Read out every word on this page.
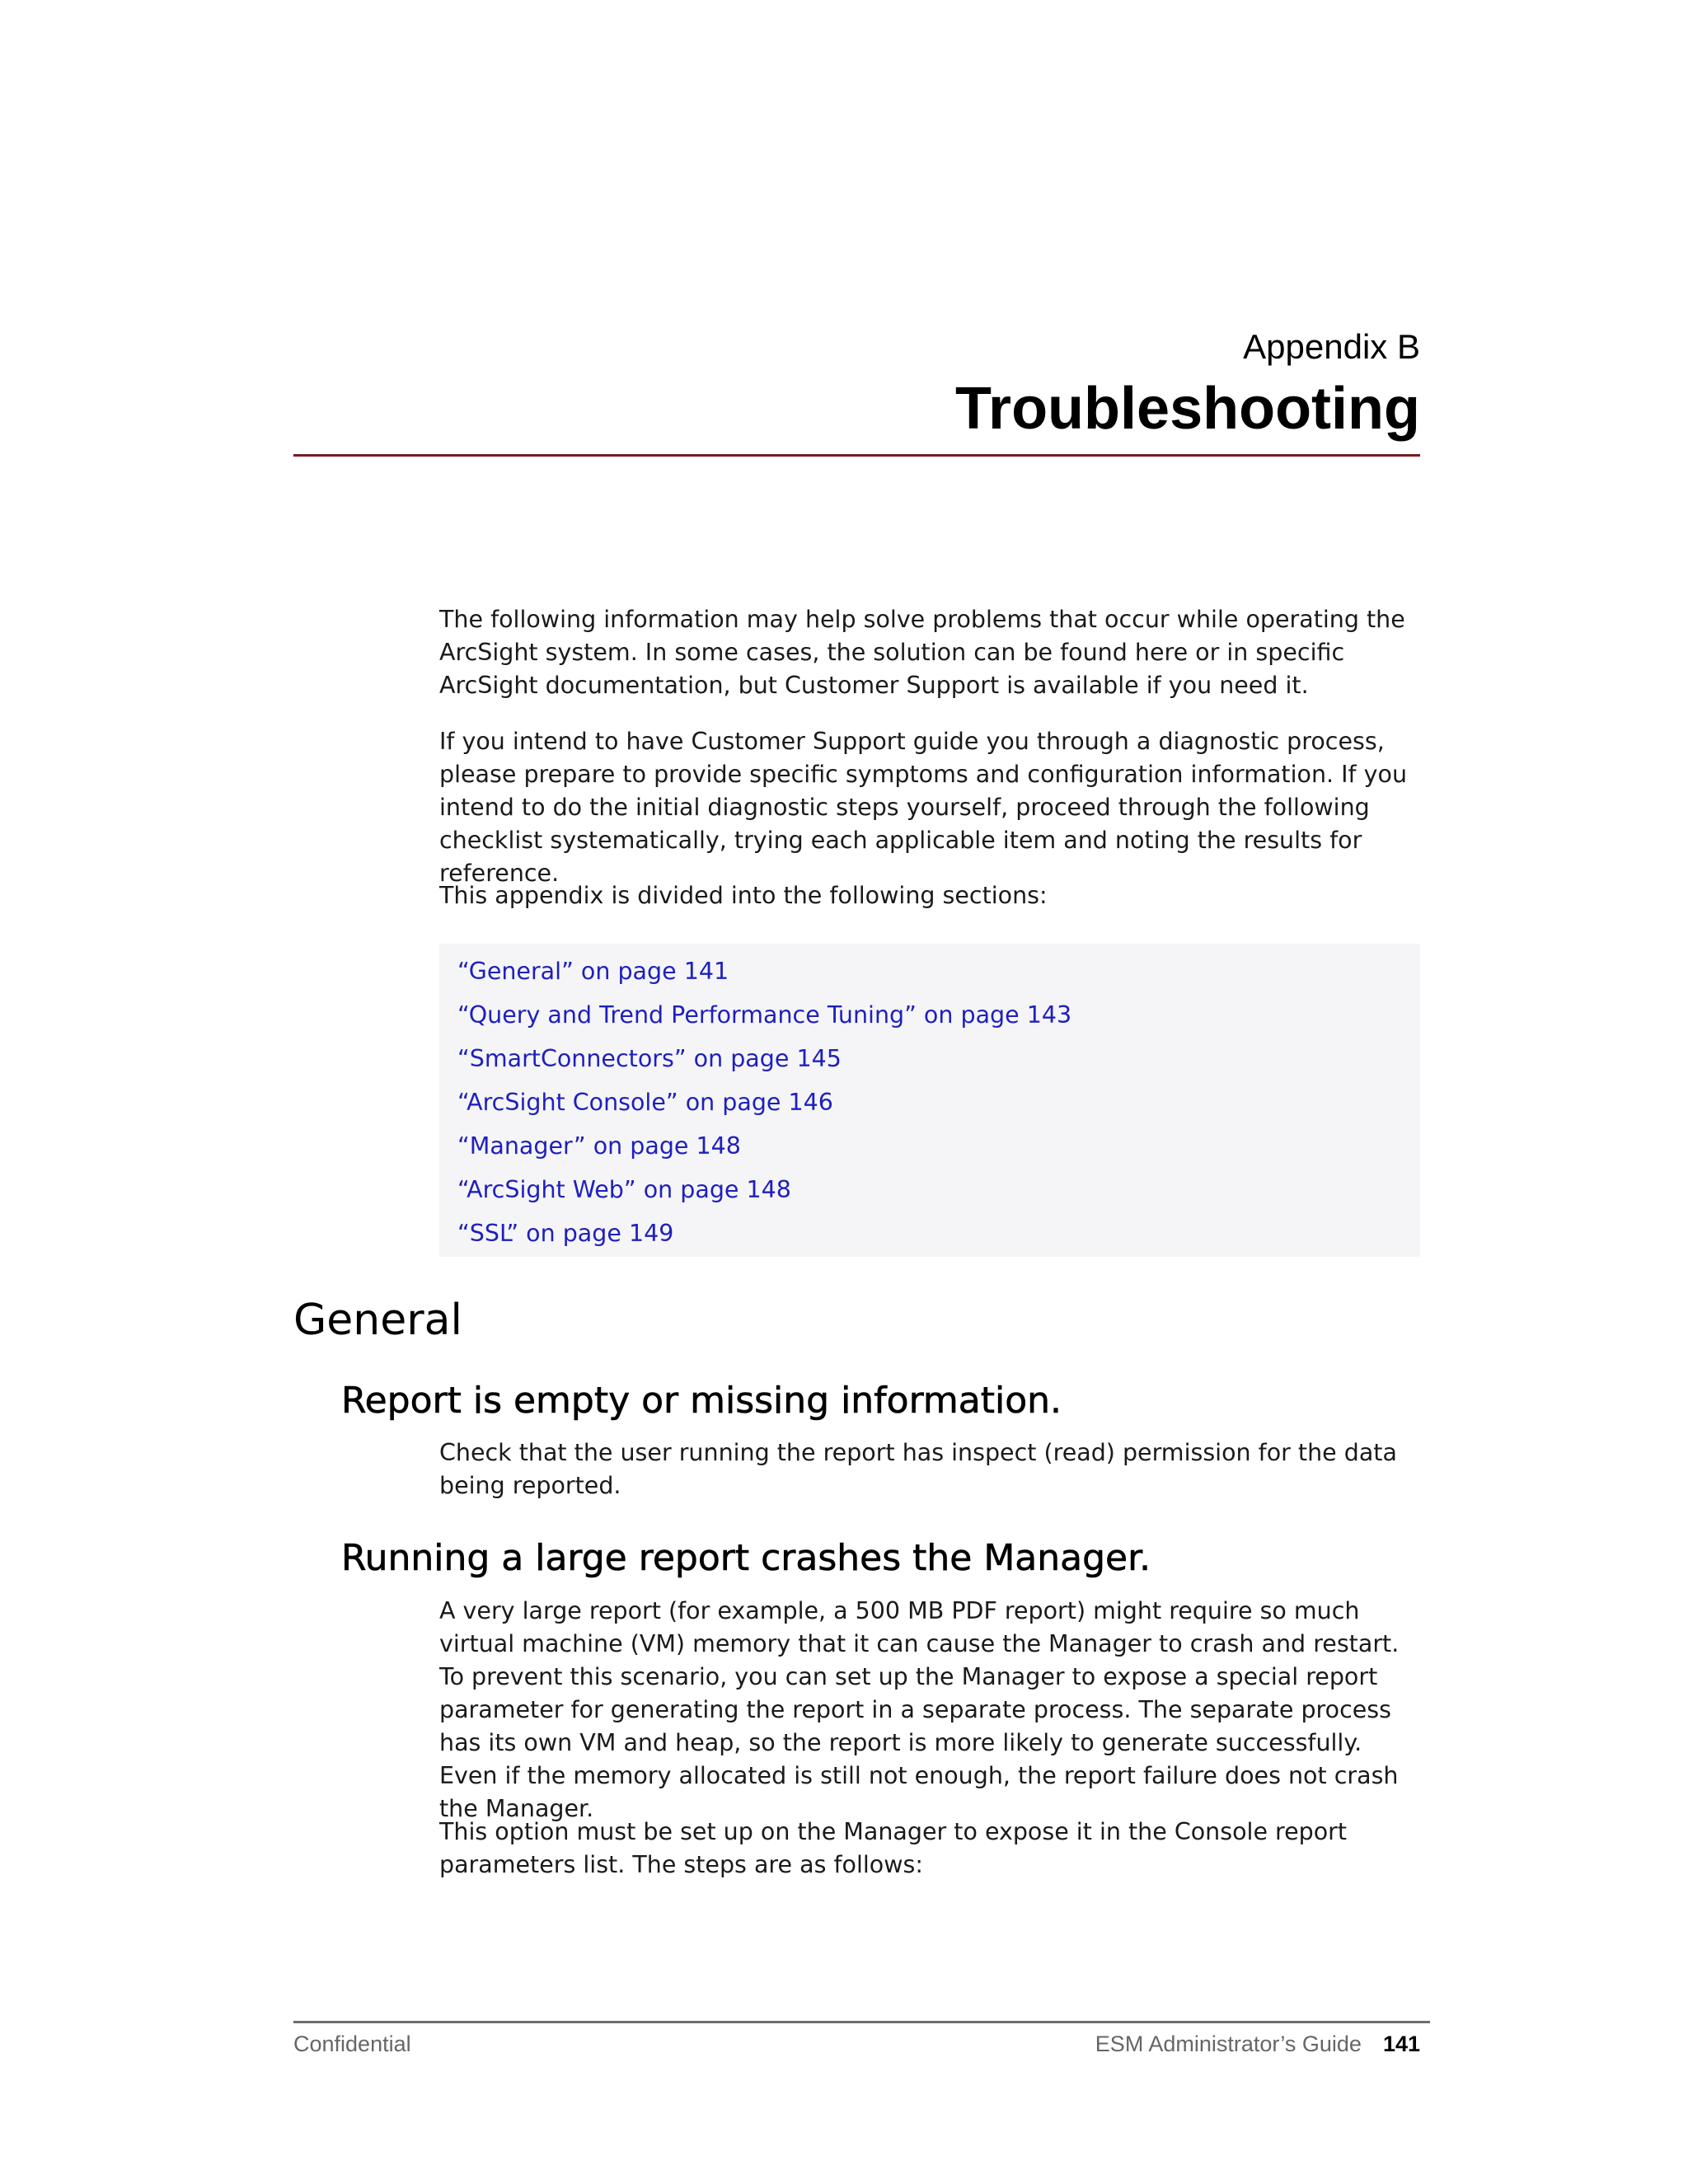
Appendix B

Troubleshooting

The following information may help solve problems that occur while operating the ArcSight system. In some cases, the solution can be found here or in specific ArcSight documentation, but Customer Support is available if you need it.

If you intend to have Customer Support guide you through a diagnostic process, please prepare to provide specific symptoms and configuration information. If you intend to do the initial diagnostic steps yourself, proceed through the following checklist systematically, trying each applicable item and noting the results for reference.

This appendix is divided into the following sections:

“General” on page 141
“Query and Trend Performance Tuning” on page 143
“SmartConnectors” on page 145
“ArcSight Console” on page 146
“Manager” on page 148
“ArcSight Web” on page 148
“SSL” on page 149
General
Report is empty or missing information.

Check that the user running the report has inspect (read) permission for the data being reported.

Running a large report crashes the Manager.

A very large report (for example, a 500 MB PDF report) might require so much virtual machine (VM) memory that it can cause the Manager to crash and restart. To prevent this scenario, you can set up the Manager to expose a special report parameter for generating the report in a separate process. The separate process has its own VM and heap, so the report is more likely to generate successfully. Even if the memory allocated is still not enough, the report failure does not crash the Manager.

This option must be set up on the Manager to expose it in the Console report parameters list. The steps are as follows:

Confidential	ESM Administrator’s Guide 141
